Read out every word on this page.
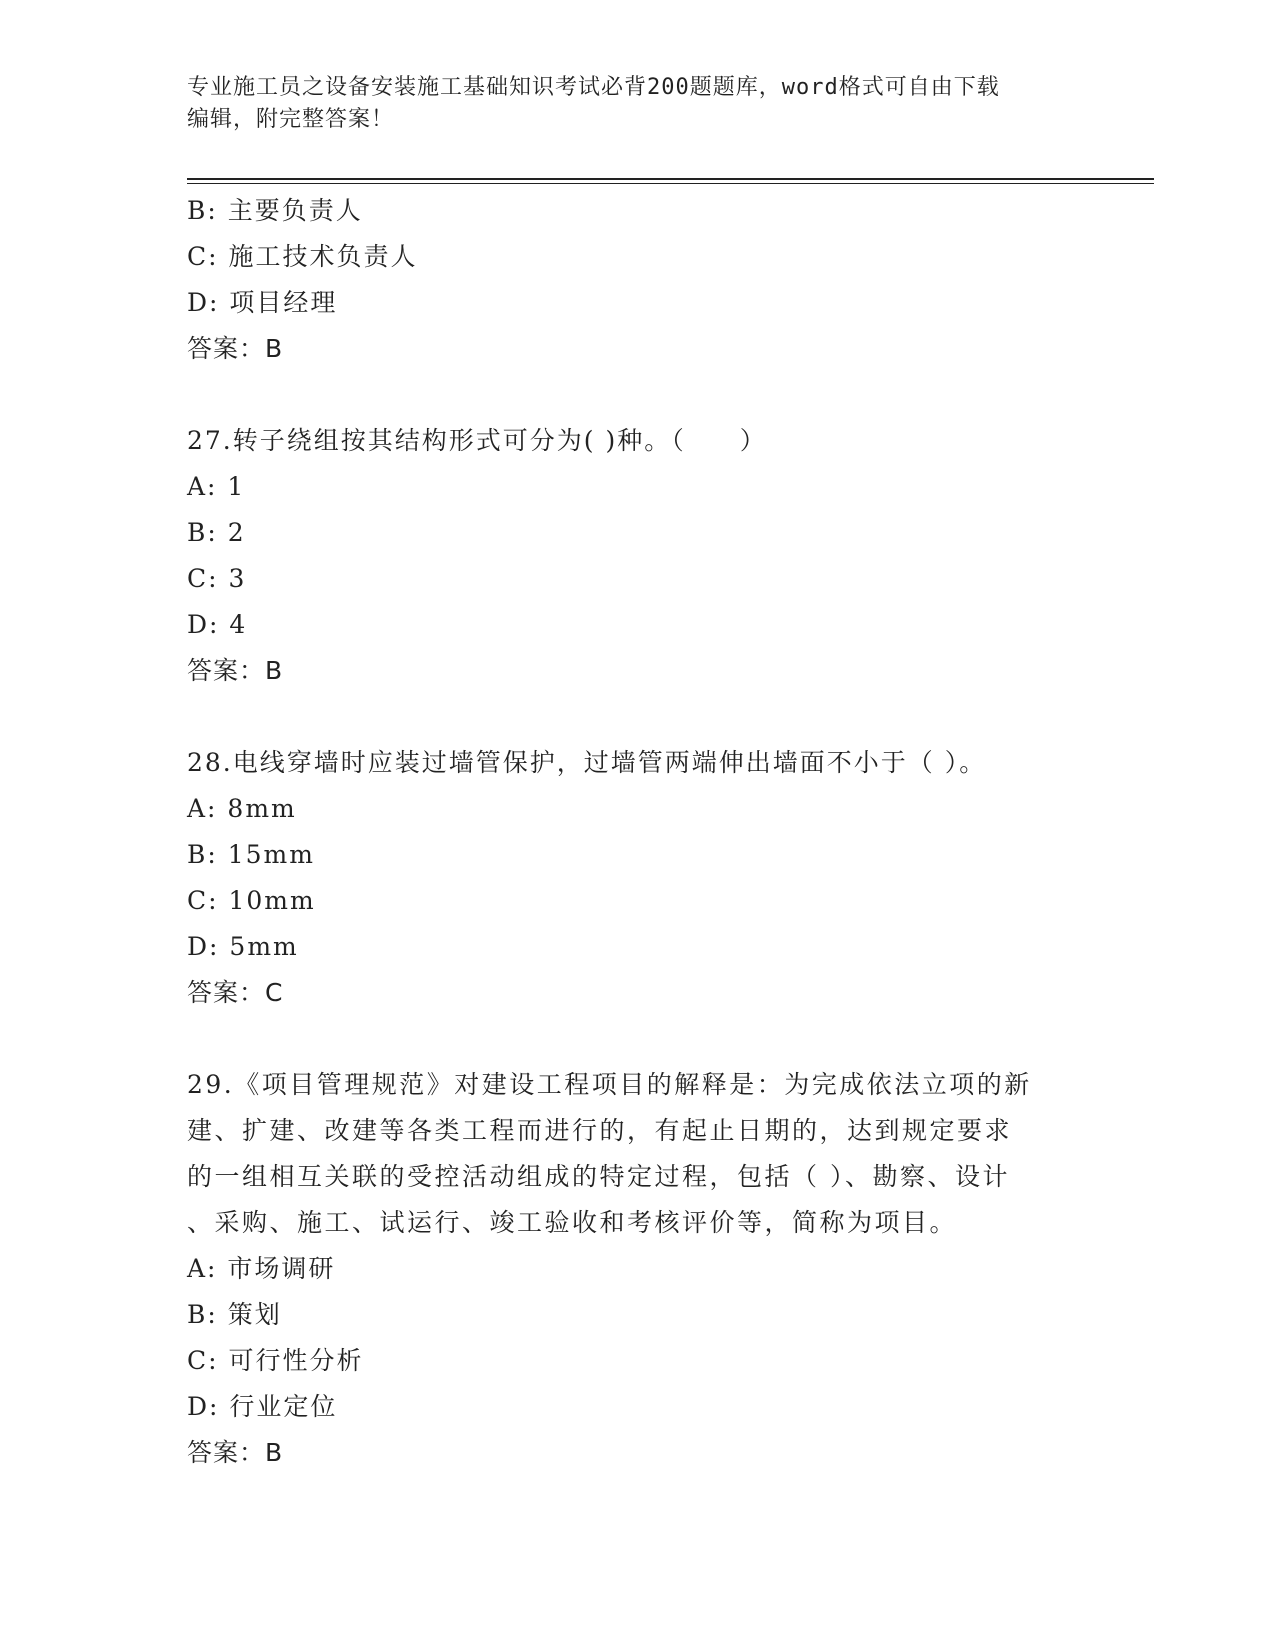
专业施工员之设备安装施工基础知识考试必背200题题库，word格式可自由下载
编辑，附完整答案！
B: 主要负责人
C: 施工技术负责人
D: 项目经理
答案：B
27.转子绕组按其结构形式可分为( )种。（　　）
A: 1
B: 2
C: 3
D: 4
答案：B
28.电线穿墙时应装过墙管保护，过墙管两端伸出墙面不小于（ ）。
A: 8mm
B: 15mm
C: 10mm
D: 5mm
答案：C
29.《项目管理规范》对建设工程项目的解释是：为完成依法立项的新
建、扩建、改建等各类工程而进行的，有起止日期的，达到规定要求
的一组相互关联的受控活动组成的特定过程，包括（ ）、勘察、设计
、采购、施工、试运行、竣工验收和考核评价等，简称为项目。
A: 市场调研
B: 策划
C: 可行性分析
D: 行业定位
答案：B
